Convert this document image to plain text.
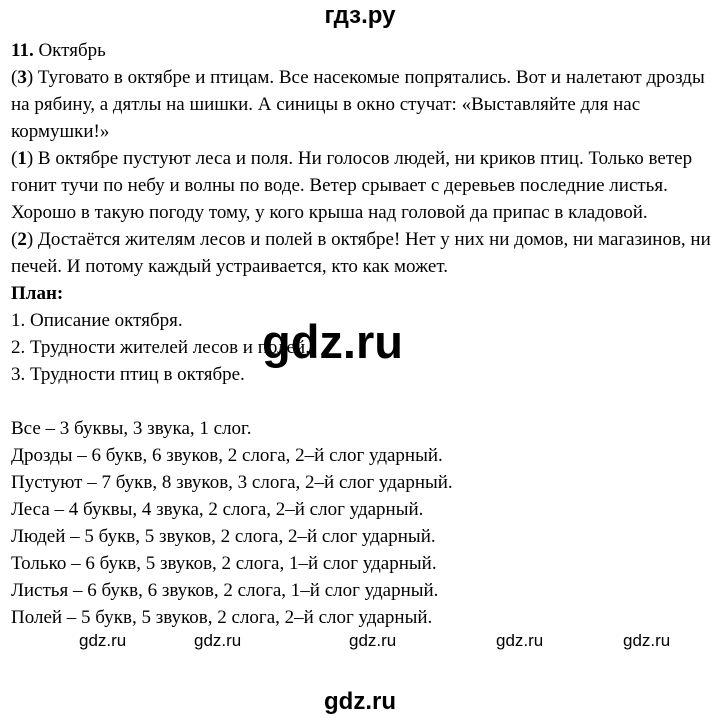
гдз.ру

11. Октябрь

(3) Туговато в октябре и птицам. Все насекомые попрятались. Вот и налетают дрозды на рябину, а дятлы на шишки. А синицы в окно стучат: «Выставляйте для нас кормушки!»

(1) В октябре пустуют леса и поля. Ни голосов людей, ни криков птиц. Только ветер гонит тучи по небу и волны по воде. Ветер срывает с деревьев последние листья. Хорошо в такую погоду тому, у кого крыша над головой да припас в кладовой.

(2) Достаётся жителям лесов и полей в октябре! Нет у них ни домов, ни магазинов, ни печей. И потому каждый устраивается, кто как может.

План:

1. Описание октября.

2. Трудности жителей лесов и полей.

3. Трудности птиц в октябре.

Все – 3 буквы, 3 звука, 1 слог.

Дрозды – 6 букв, 6 звуков, 2 слога, 2–й слог ударный.

Пустуют – 7 букв, 8 звуков, 3 слога, 2–й слог ударный.

Леса – 4 буквы, 4 звука, 2 слога, 2–й слог ударный.

Людей – 5 букв, 5 звуков, 2 слога, 2–й слог ударный.

Только – 6 букв, 5 звуков, 2 слога, 1–й слог ударный.

Листья – 6 букв, 6 звуков, 2 слога, 1–й слог ударный.

Полей – 5 букв, 5 звуков, 2 слога, 2–й слог ударный.

gdz.ru
gdz.ru	gdz.ru	gdz.ru	gdz.ru	gdz.ru
gdz.ru
